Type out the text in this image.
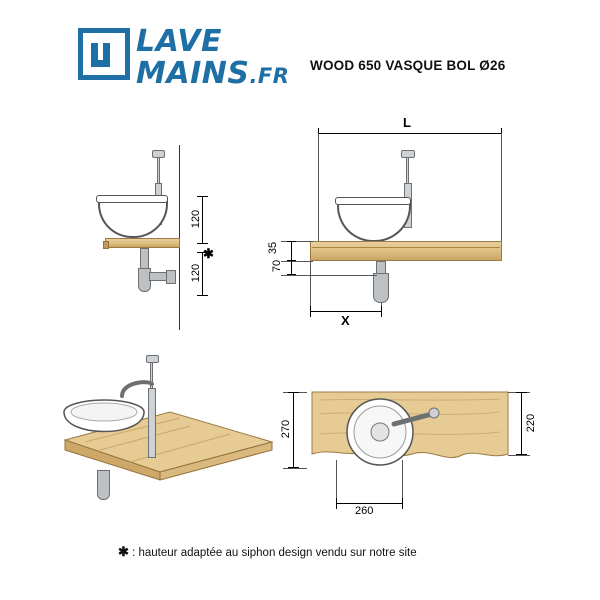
LAVE
MAINS.FR WOOD 650 VASQUE BOL Ø26
120
120
✱
L
35
70
X
270	220
260
✱ : hauteur adaptée au siphon design vendu sur notre site
